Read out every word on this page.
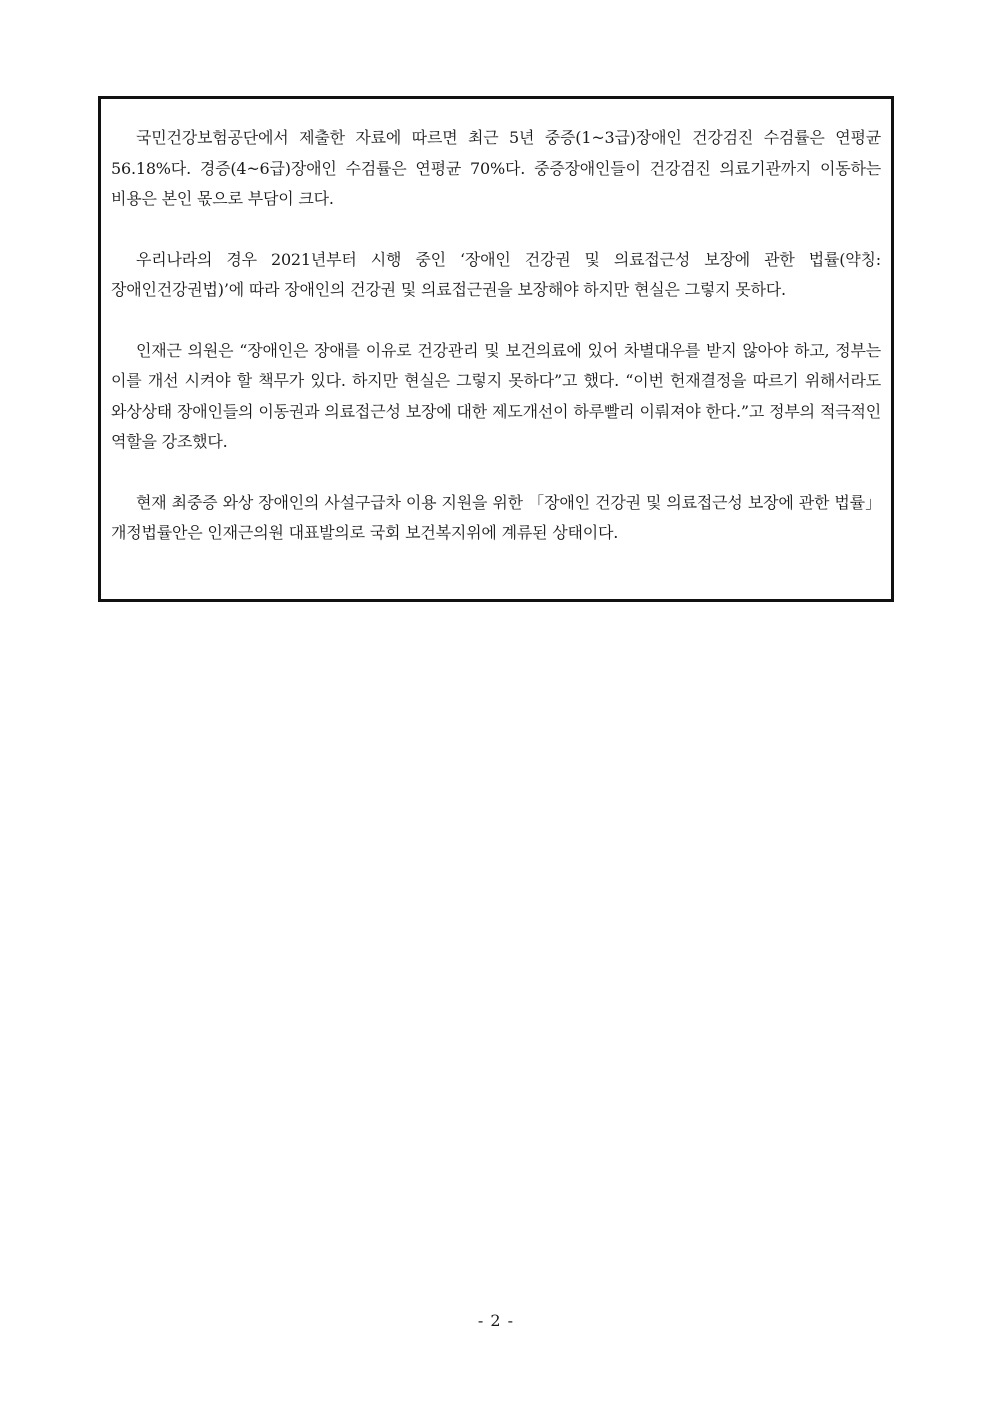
국민건강보험공단에서 제출한 자료에 따르면 최근 5년 중증(1~3급)장애인 건강검진 수검률은 연평균 56.18%다. 경증(4~6급)장애인 수검률은 연평균 70%다. 중증장애인들이 건강검진 의료기관까지 이동하는 비용은 본인 몫으로 부담이 크다.

우리나라의 경우 2021년부터 시행 중인 ‘장애인 건강권 및 의료접근성 보장에 관한 법률(약칭: 장애인건강권법)’에 따라 장애인의 건강권 및 의료접근권을 보장해야 하지만 현실은 그렇지 못하다.

인재근 의원은 “장애인은 장애를 이유로 건강관리 및 보건의료에 있어 차별대우를 받지 않아야 하고, 정부는 이를 개선 시켜야 할 책무가 있다. 하지만 현실은 그렇지 못하다”고 했다. “이번 헌재결정을 따르기 위해서라도 와상상태 장애인들의 이동권과 의료접근성 보장에 대한 제도개선이 하루빨리 이뤄져야 한다.”고 정부의 적극적인 역할을 강조했다.

현재 최중증 와상 장애인의 사설구급차 이용 지원을 위한 「장애인 건강권 및 의료접근성 보장에 관한 법률」개정법률안은 인재근의원 대표발의로 국회 보건복지위에 계류된 상태이다.

- 2 -
